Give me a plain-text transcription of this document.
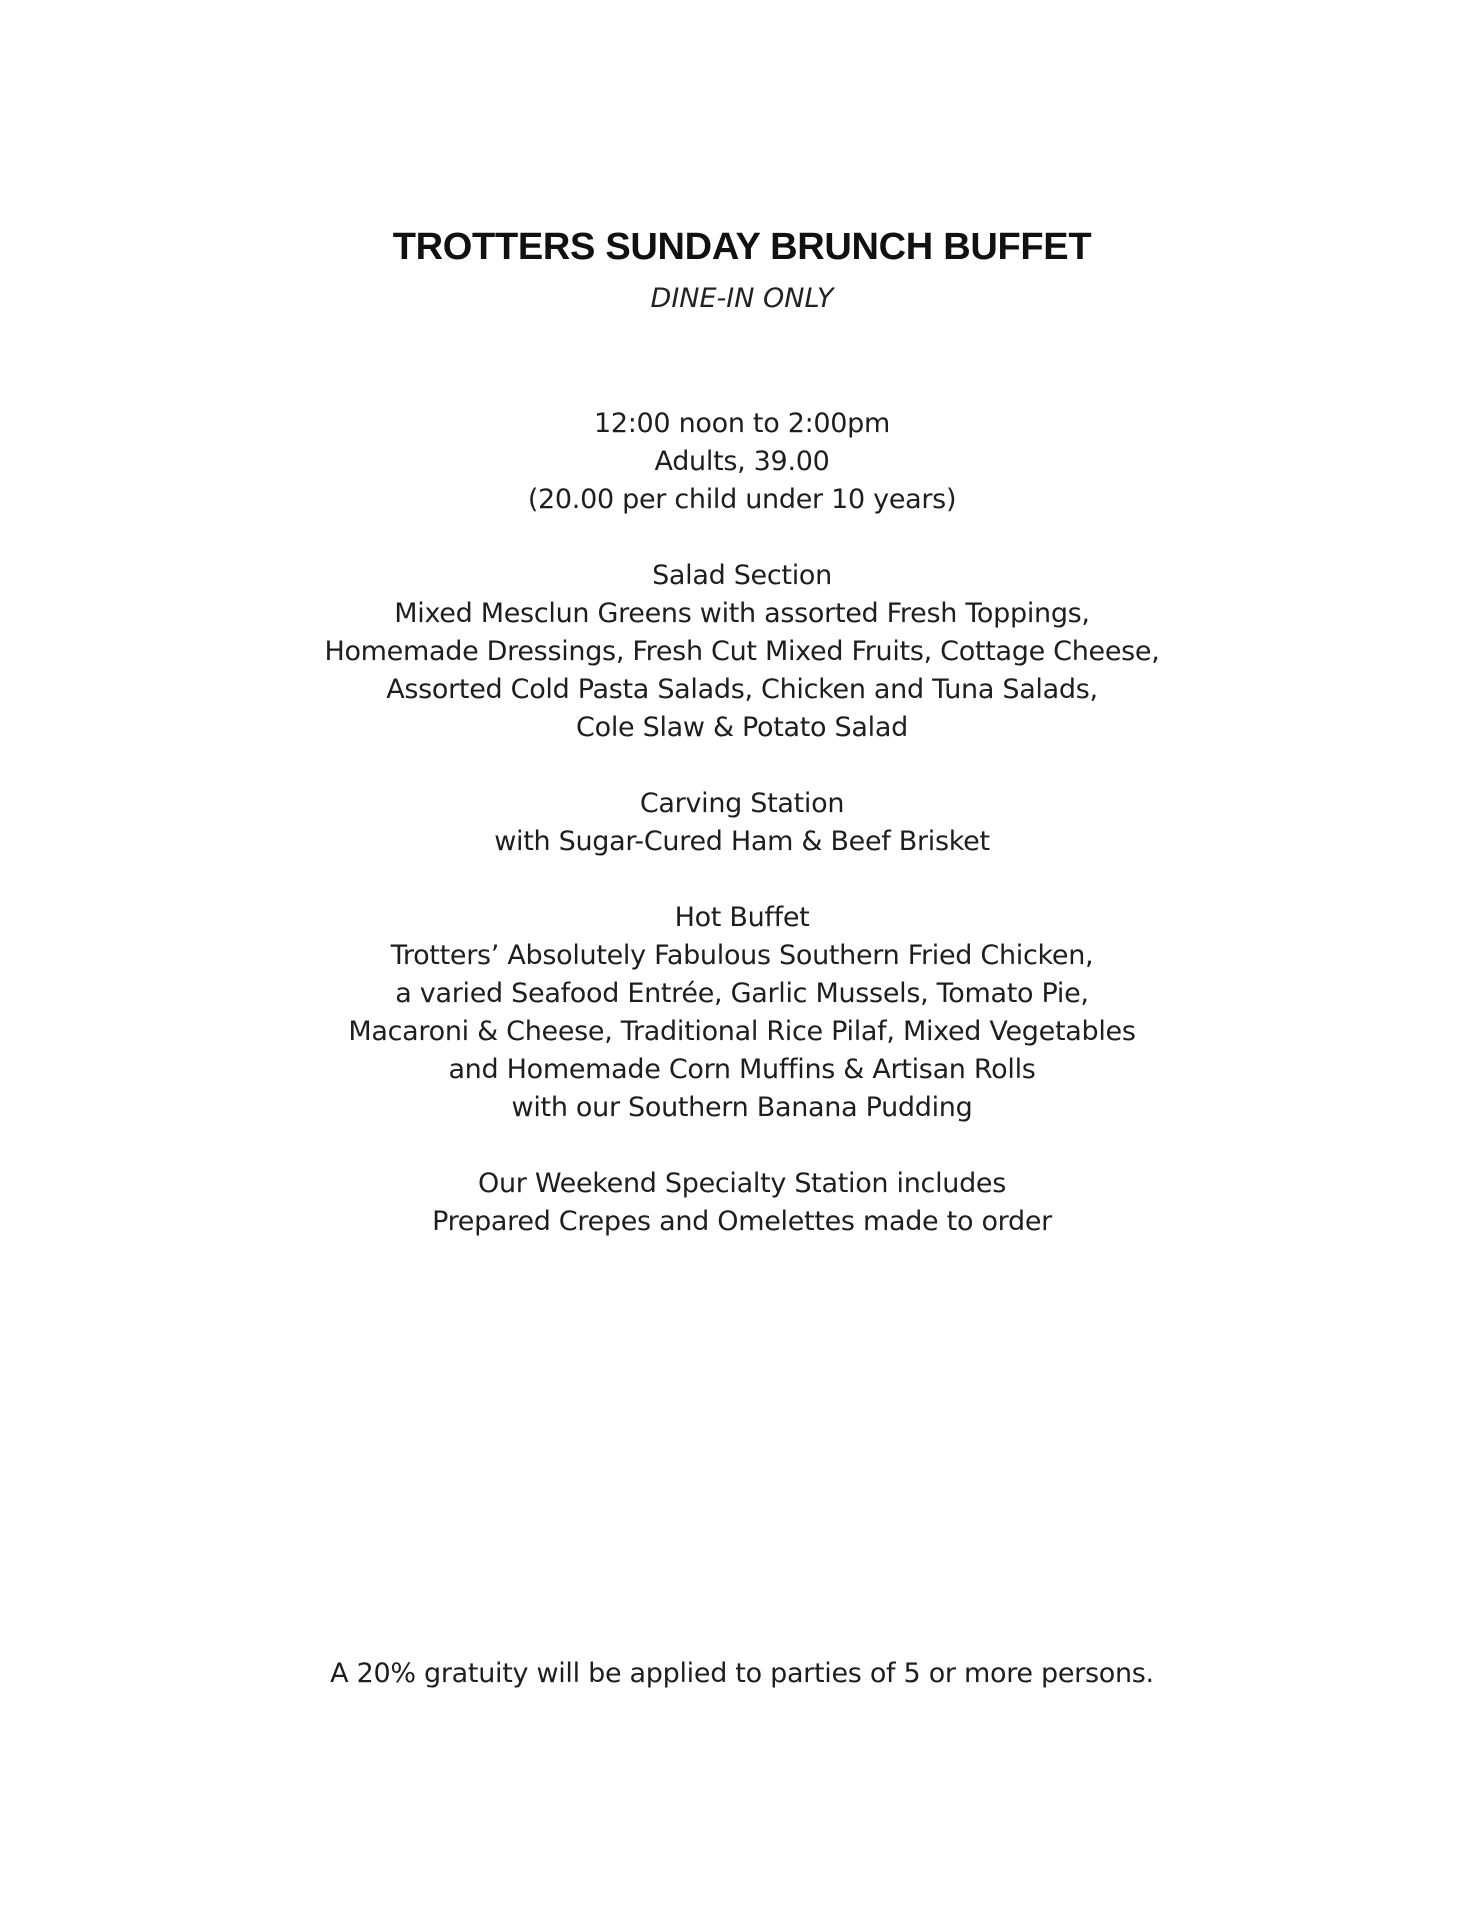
TROTTERS SUNDAY BRUNCH BUFFET
DINE-IN ONLY
12:00 noon to 2:00pm
Adults, 39.00
(20.00 per child under 10 years)
Salad Section
Mixed Mesclun Greens with assorted Fresh Toppings,
Homemade Dressings, Fresh Cut Mixed Fruits, Cottage Cheese,
Assorted Cold Pasta Salads, Chicken and Tuna Salads,
Cole Slaw & Potato Salad
Carving Station
with Sugar-Cured Ham & Beef Brisket
Hot Buffet
Trotters’ Absolutely Fabulous Southern Fried Chicken,
a varied Seafood Entrée, Garlic Mussels, Tomato Pie,
Macaroni & Cheese, Traditional Rice Pilaf, Mixed Vegetables
and Homemade Corn Muffins & Artisan Rolls
with our Southern Banana Pudding
Our Weekend Specialty Station includes
Prepared Crepes and Omelettes made to order
A 20% gratuity will be applied to parties of 5 or more persons.
